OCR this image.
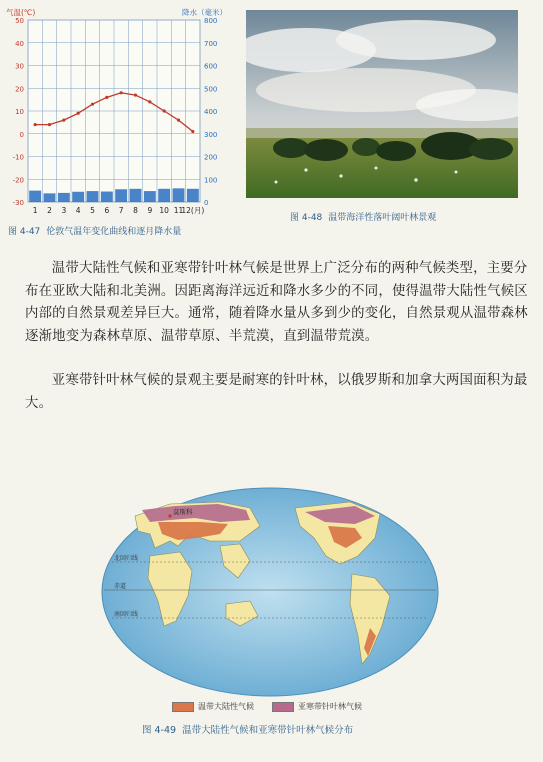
50
40
30
20
10
0
-10
-20
-30
800
700
600
500
400
300
200
100
0
1 2 3 4 5 6 7 8 9 10 11
12(月)
气温(℃)	降水（毫米）
图 4-47 伦敦气温年变化曲线和逐月降水量
图 4-48 温带海洋性落叶阔叶林景观

温带大陆性气候和亚寒带针叶林气候是世界上广泛分布的两种气候类型，主要分布在亚欧大陆和北美洲。因距离海洋远近和降水多少的不同，使得温带大陆性气候区内部的自然景观差异巨大。通常，随着降水量从多到少的变化，自然景观从温带森林逐渐地变为森林草原、温带草原、半荒漠，直到温带荒漠。

亚寒带针叶林气候的景观主要是耐寒的针叶林，以俄罗斯和加拿大两国面积为最大。

北回归线
赤道
南回归线
莫斯科
温带大陆性气候	亚寒带针叶林气候
图 4-49 温带大陆性气候和亚寒带针叶林气候分布
